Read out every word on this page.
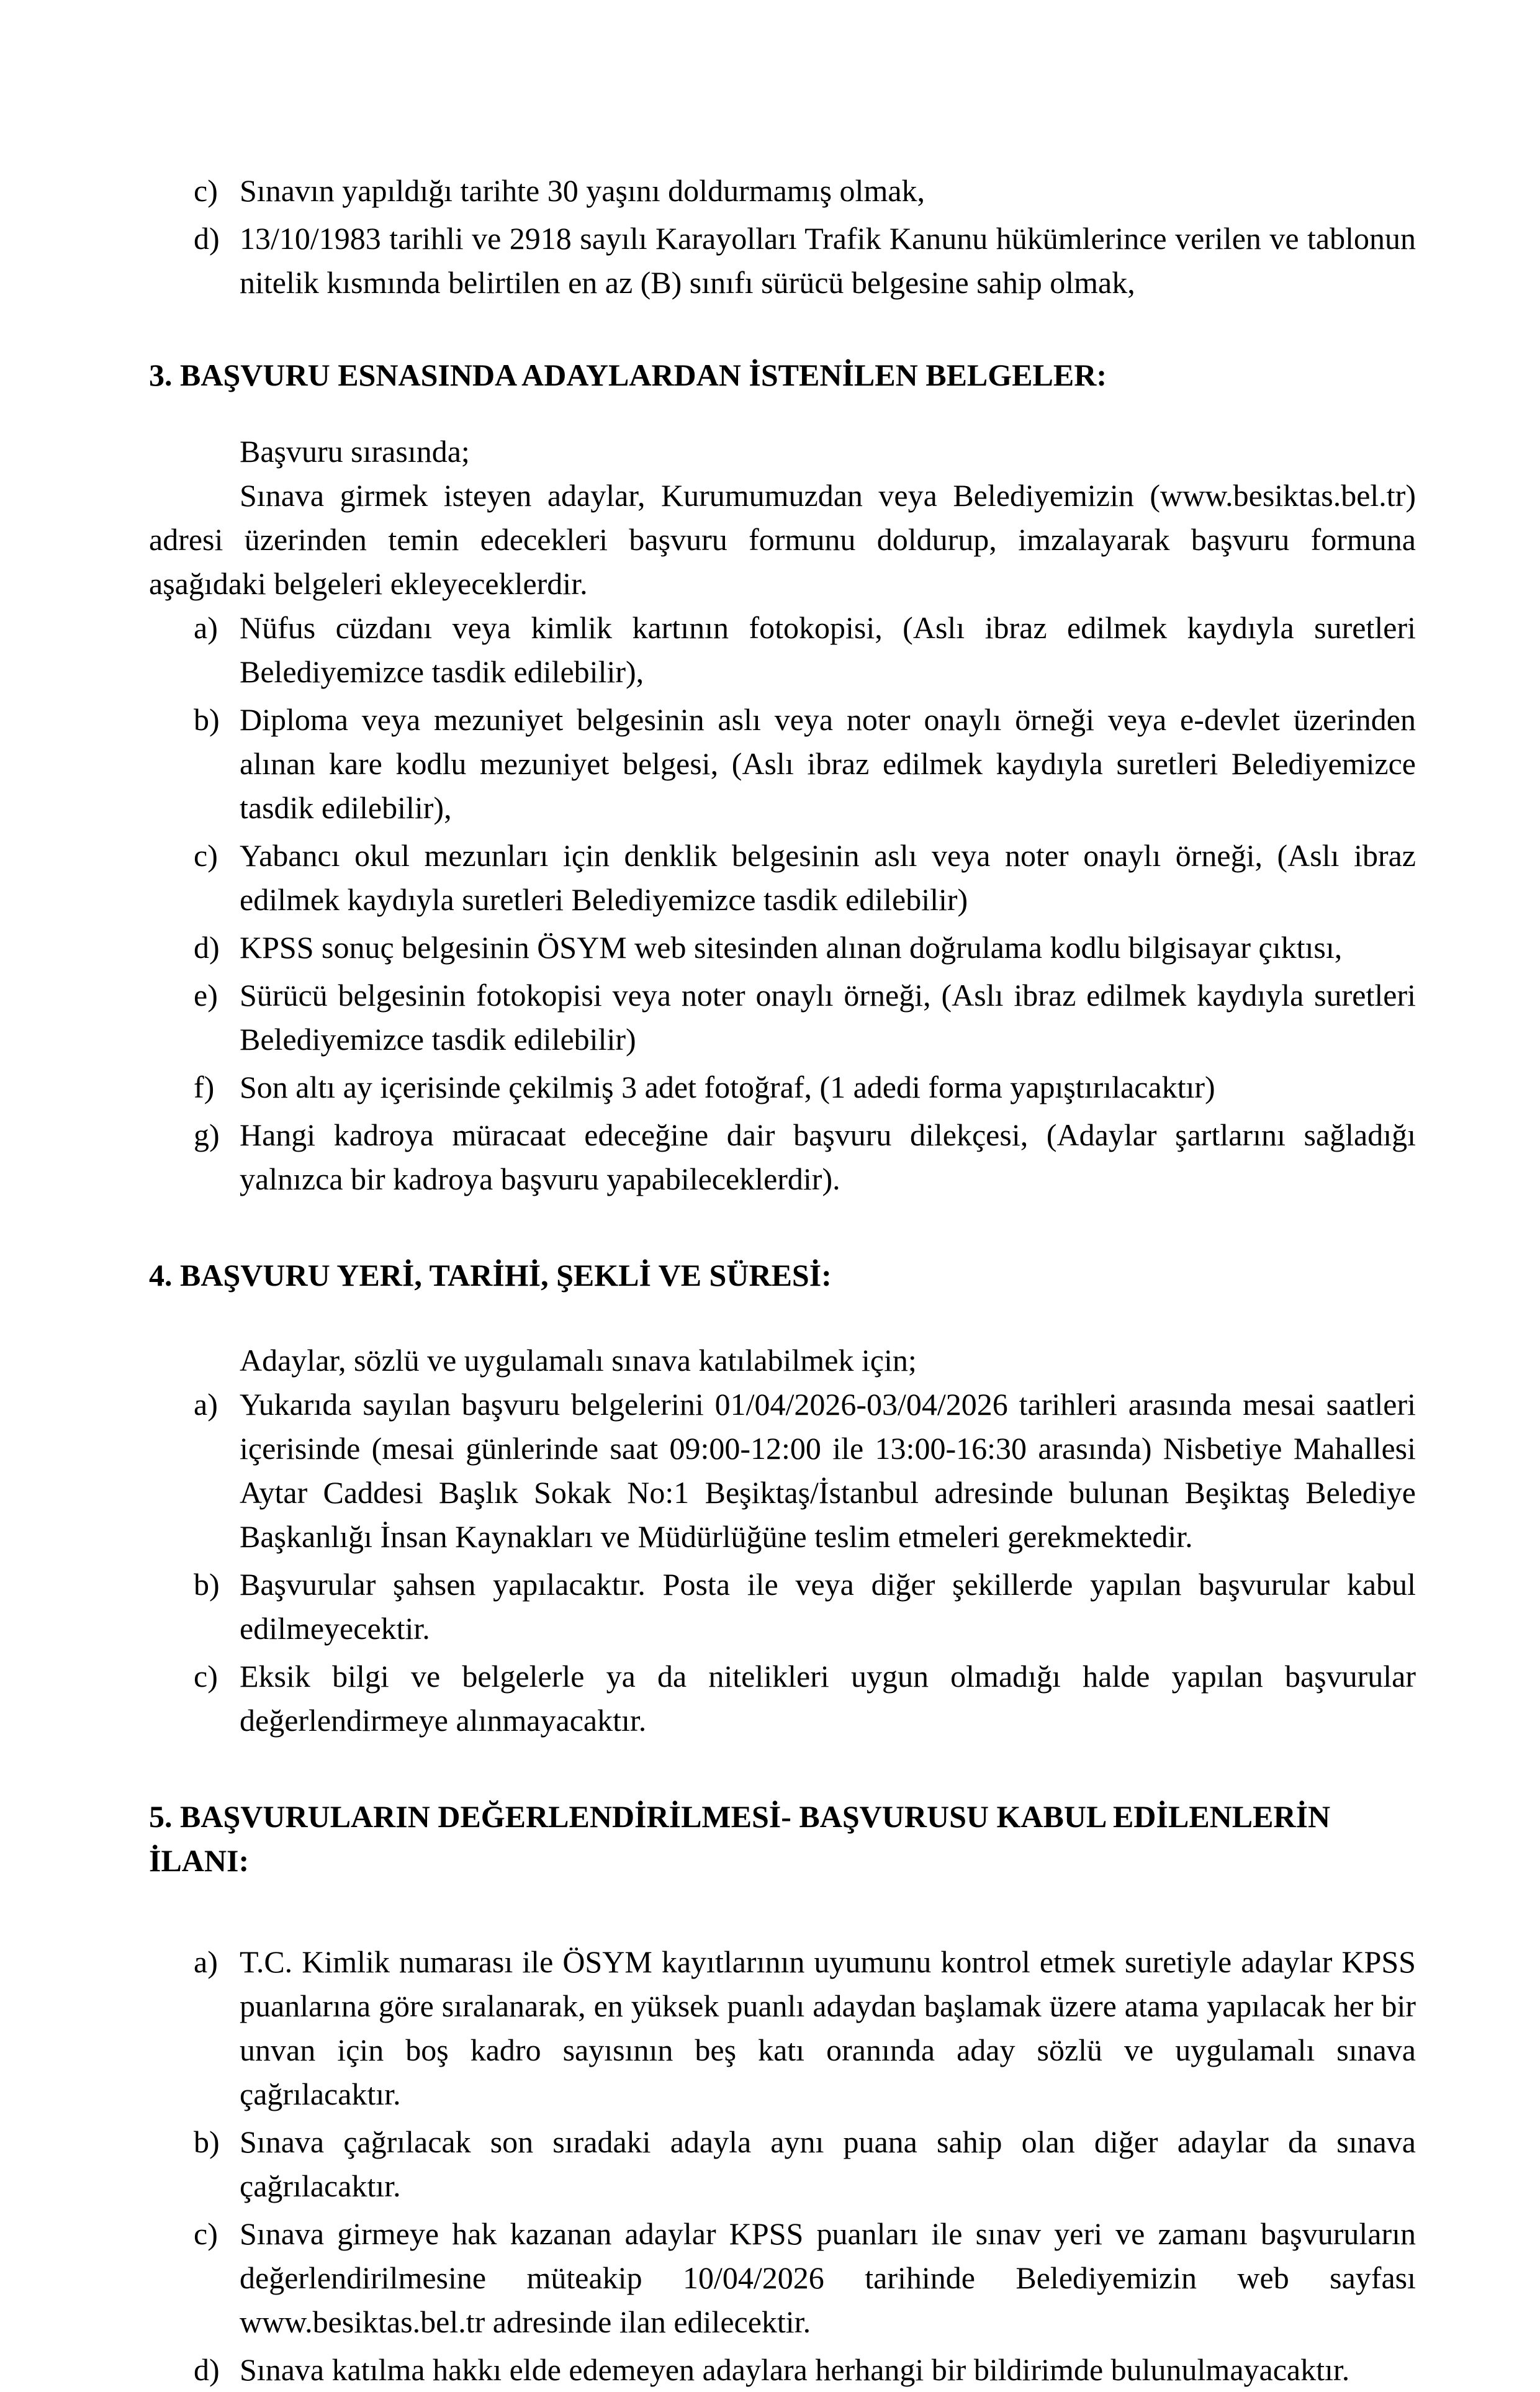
c) Sınavın yapıldığı tarihte 30 yaşını doldurmamış olmak,
d) 13/10/1983 tarihli ve 2918 sayılı Karayolları Trafik Kanunu hükümlerince verilen ve tablonun nitelik kısmında belirtilen en az (B) sınıfı sürücü belgesine sahip olmak,

3. BAŞVURU ESNASINDA ADAYLARDAN İSTENİLEN BELGELER:

Başvuru sırasında;

Sınava girmek isteyen adaylar, Kurumumuzdan veya Belediyemizin (www.besiktas.bel.tr) adresi üzerinden temin edecekleri başvuru formunu doldurup, imzalayarak başvuru formuna aşağıdaki belgeleri ekleyeceklerdir.

a) Nüfus cüzdanı veya kimlik kartının fotokopisi, (Aslı ibraz edilmek kaydıyla suretleri Belediyemizce tasdik edilebilir),
b) Diploma veya mezuniyet belgesinin aslı veya noter onaylı örneği veya e-devlet üzerinden alınan kare kodlu mezuniyet belgesi, (Aslı ibraz edilmek kaydıyla suretleri Belediyemizce tasdik edilebilir),
c) Yabancı okul mezunları için denklik belgesinin aslı veya noter onaylı örneği, (Aslı ibraz edilmek kaydıyla suretleri Belediyemizce tasdik edilebilir)
d) KPSS sonuç belgesinin ÖSYM web sitesinden alınan doğrulama kodlu bilgisayar çıktısı,
e) Sürücü belgesinin fotokopisi veya noter onaylı örneği, (Aslı ibraz edilmek kaydıyla suretleri Belediyemizce tasdik edilebilir)
f) Son altı ay içerisinde çekilmiş 3 adet fotoğraf, (1 adedi forma yapıştırılacaktır)
g) Hangi kadroya müracaat edeceğine dair başvuru dilekçesi, (Adaylar şartlarını sağladığı yalnızca bir kadroya başvuru yapabileceklerdir).

4. BAŞVURU YERİ, TARİHİ, ŞEKLİ VE SÜRESİ:

Adaylar, sözlü ve uygulamalı sınava katılabilmek için;

a) Yukarıda sayılan başvuru belgelerini 01/04/2026-03/04/2026 tarihleri arasında mesai saatleri içerisinde (mesai günlerinde saat 09:00-12:00 ile 13:00-16:30 arasında) Nisbetiye Mahallesi Aytar Caddesi Başlık Sokak No:1 Beşiktaş/İstanbul adresinde bulunan Beşiktaş Belediye Başkanlığı İnsan Kaynakları ve Müdürlüğüne teslim etmeleri gerekmektedir.
b) Başvurular şahsen yapılacaktır. Posta ile veya diğer şekillerde yapılan başvurular kabul edilmeyecektir.
c) Eksik bilgi ve belgelerle ya da nitelikleri uygun olmadığı halde yapılan başvurular değerlendirmeye alınmayacaktır.

5. BAŞVURULARIN DEĞERLENDİRİLMESİ- BAŞVURUSU KABUL EDİLENLERİN İLANI:

a) T.C. Kimlik numarası ile ÖSYM kayıtlarının uyumunu kontrol etmek suretiyle adaylar KPSS puanlarına göre sıralanarak, en yüksek puanlı adaydan başlamak üzere atama yapılacak her bir unvan için boş kadro sayısının beş katı oranında aday sözlü ve uygulamalı sınava çağrılacaktır.
b) Sınava çağrılacak son sıradaki adayla aynı puana sahip olan diğer adaylar da sınava çağrılacaktır.
c) Sınava girmeye hak kazanan adaylar KPSS puanları ile sınav yeri ve zamanı başvuruların değerlendirilmesine müteakip 10/04/2026 tarihinde Belediyemizin web sayfası www.besiktas.bel.tr adresinde ilan edilecektir.
d) Sınava katılma hakkı elde edemeyen adaylara herhangi bir bildirimde bulunulmayacaktır.
